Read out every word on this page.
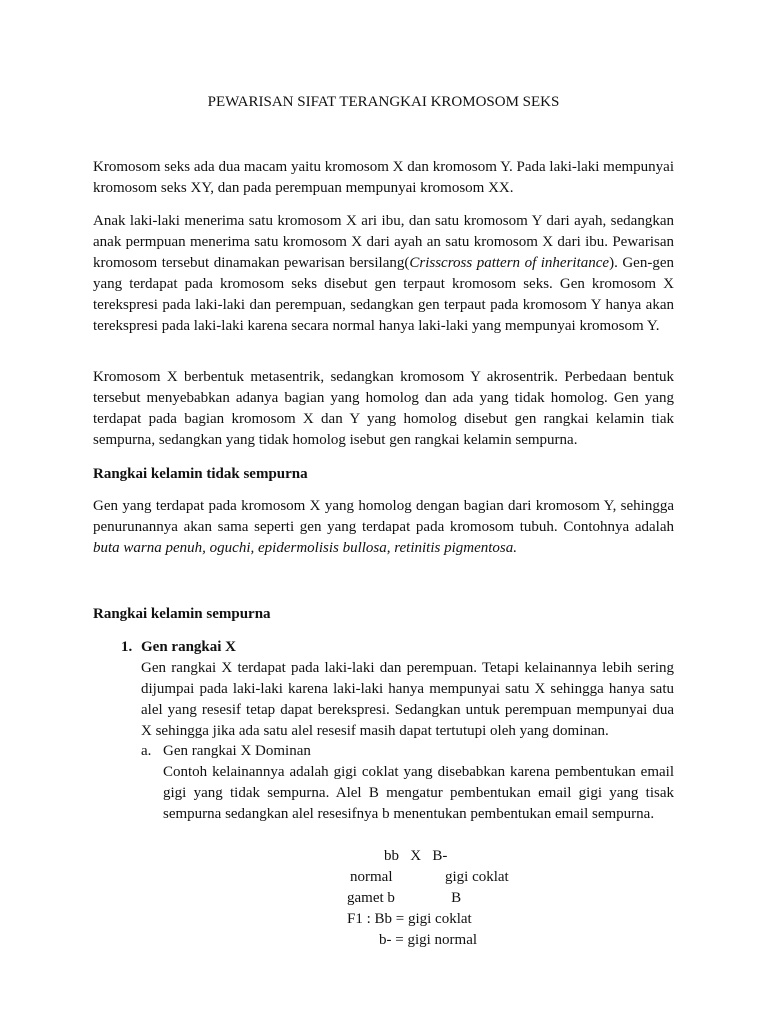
PEWARISAN SIFAT TERANGKAI KROMOSOM SEKS

Kromosom seks ada dua macam yaitu kromosom X dan kromosom Y. Pada laki-laki mempunyai kromosom seks XY, dan pada perempuan mempunyai kromosom XX.

Anak laki-laki menerima satu kromosom X ari ibu, dan satu kromosom Y dari ayah, sedangkan anak permpuan menerima satu kromosom X dari ayah an satu kromosom X dari ibu. Pewarisan kromosom tersebut dinamakan pewarisan bersilang(Crisscross pattern of inheritance). Gen-gen yang terdapat pada kromosom seks disebut gen terpaut kromosom seks. Gen kromosom X terekspresi pada laki-laki dan perempuan, sedangkan gen terpaut pada kromosom Y hanya akan terekspresi pada laki-laki karena secara normal hanya laki-laki yang mempunyai kromosom Y.

Kromosom X berbentuk metasentrik, sedangkan kromosom Y akrosentrik. Perbedaan bentuk tersebut menyebabkan adanya bagian yang homolog dan ada yang tidak homolog. Gen yang terdapat pada bagian kromosom X dan Y yang homolog disebut gen rangkai kelamin tiak sempurna, sedangkan yang tidak homolog isebut gen rangkai kelamin sempurna.

Rangkai kelamin tidak sempurna

Gen yang terdapat pada kromosom X yang homolog dengan bagian dari kromosom Y, sehingga penurunannya akan sama seperti gen yang terdapat pada kromosom tubuh. Contohnya adalah buta warna penuh, oguchi, epidermolisis bullosa, retinitis pigmentosa.

Rangkai kelamin sempurna
1. Gen rangkai X

Gen rangkai X terdapat pada laki-laki dan perempuan. Tetapi kelainannya lebih sering dijumpai pada laki-laki karena laki-laki hanya mempunyai satu X sehingga hanya satu alel yang resesif tetap dapat berekspresi. Sedangkan untuk perempuan mempunyai dua X sehingga jika ada satu alel resesif masih dapat tertutupi oleh yang dominan.

a. Gen rangkai X Dominan

Contoh kelainannya adalah gigi coklat yang disebabkan karena pembentukan email gigi yang tidak sempurna. Alel B mengatur pembentukan email gigi yang tisak sempurna sedangkan alel resesifnya b menentukan pembentukan email sempurna.

bb   X   B-
normal              gigi coklat
gamet b               B
F1 : Bb = gigi coklat
b- = gigi normal
